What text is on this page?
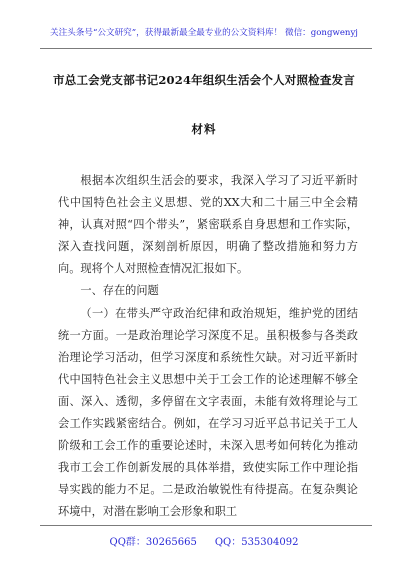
关注头条号“公文研究”，获得最新最全最专业的公文资料库！ 微信：gongwenyj
市总工会党支部书记2024年组织生活会个人对照检查发言
材料

根据本次组织生活会的要求，我深入学习了习近平新时代中国特色社会主义思想、党的XX大和二十届三中全会精神，认真对照“四个带头”，紧密联系自身思想和工作实际，深入查找问题，深刻剖析原因，明确了整改措施和努力方向。现将个人对照检查情况汇报如下。

一、存在的问题

（一）在带头严守政治纪律和政治规矩，维护党的团结统一方面。一是政治理论学习深度不足。虽积极参与各类政治理论学习活动，但学习深度和系统性欠缺。对习近平新时代中国特色社会主义思想中关于工会工作的论述理解不够全面、深入、透彻，多停留在文字表面，未能有效将理论与工会工作实践紧密结合。例如，在学习习近平总书记关于工人阶级和工会工作的重要论述时，未深入思考如何转化为推动我市工会工作创新发展的具体举措，致使实际工作中理论指导实践的能力不足。二是政治敏锐性有待提高。在复杂舆论环境中，对潜在影响工会形象和职工

QQ群：30265665 QQ：535304092
